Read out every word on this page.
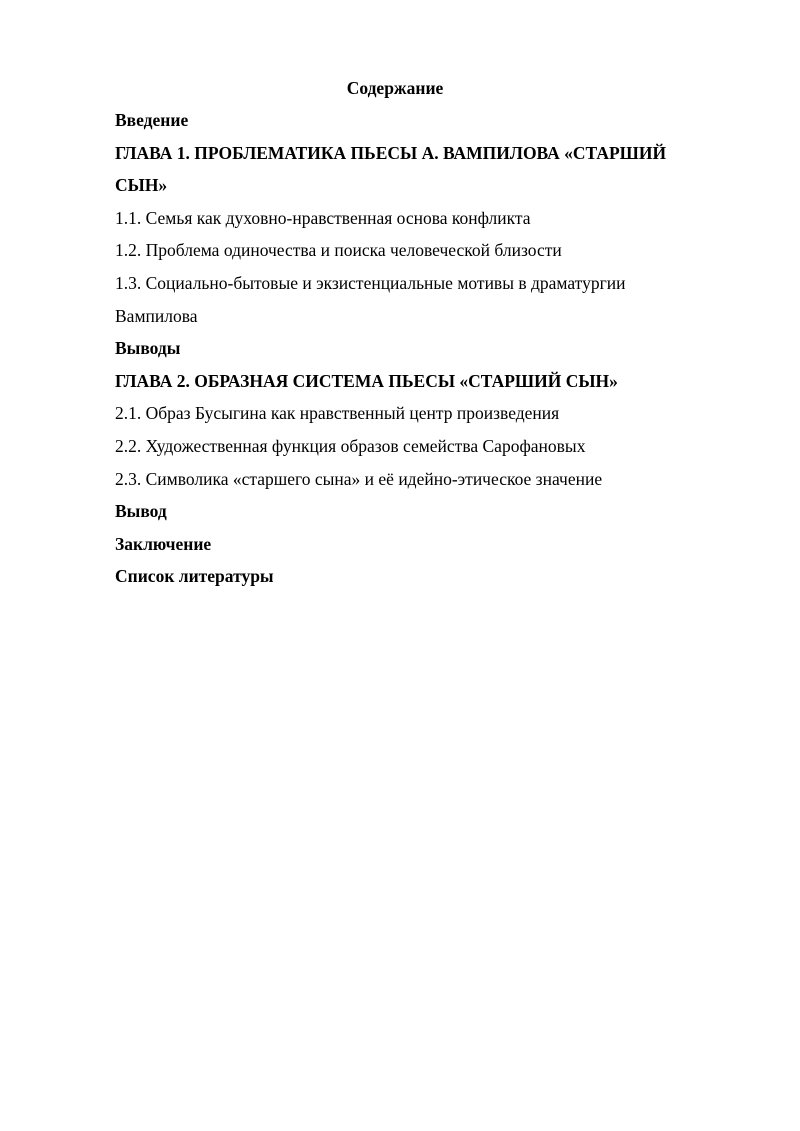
Содержание
Введение
ГЛАВА 1. ПРОБЛЕМАТИКА ПЬЕСЫ А. ВАМПИЛОВА «СТАРШИЙ
СЫН»
1.1. Семья как духовно-нравственная основа конфликта
1.2. Проблема одиночества и поиска человеческой близости
1.3. Социально-бытовые и экзистенциальные мотивы в драматургии
Вампилова
Выводы
ГЛАВА 2. ОБРАЗНАЯ СИСТЕМА ПЬЕСЫ «СТАРШИЙ СЫН»
2.1. Образ Бусыгина как нравственный центр произведения
2.2. Художественная функция образов семейства Сарофановых
2.3. Символика «старшего сына» и её идейно-этическое значение
Вывод
Заключение
Список литературы
